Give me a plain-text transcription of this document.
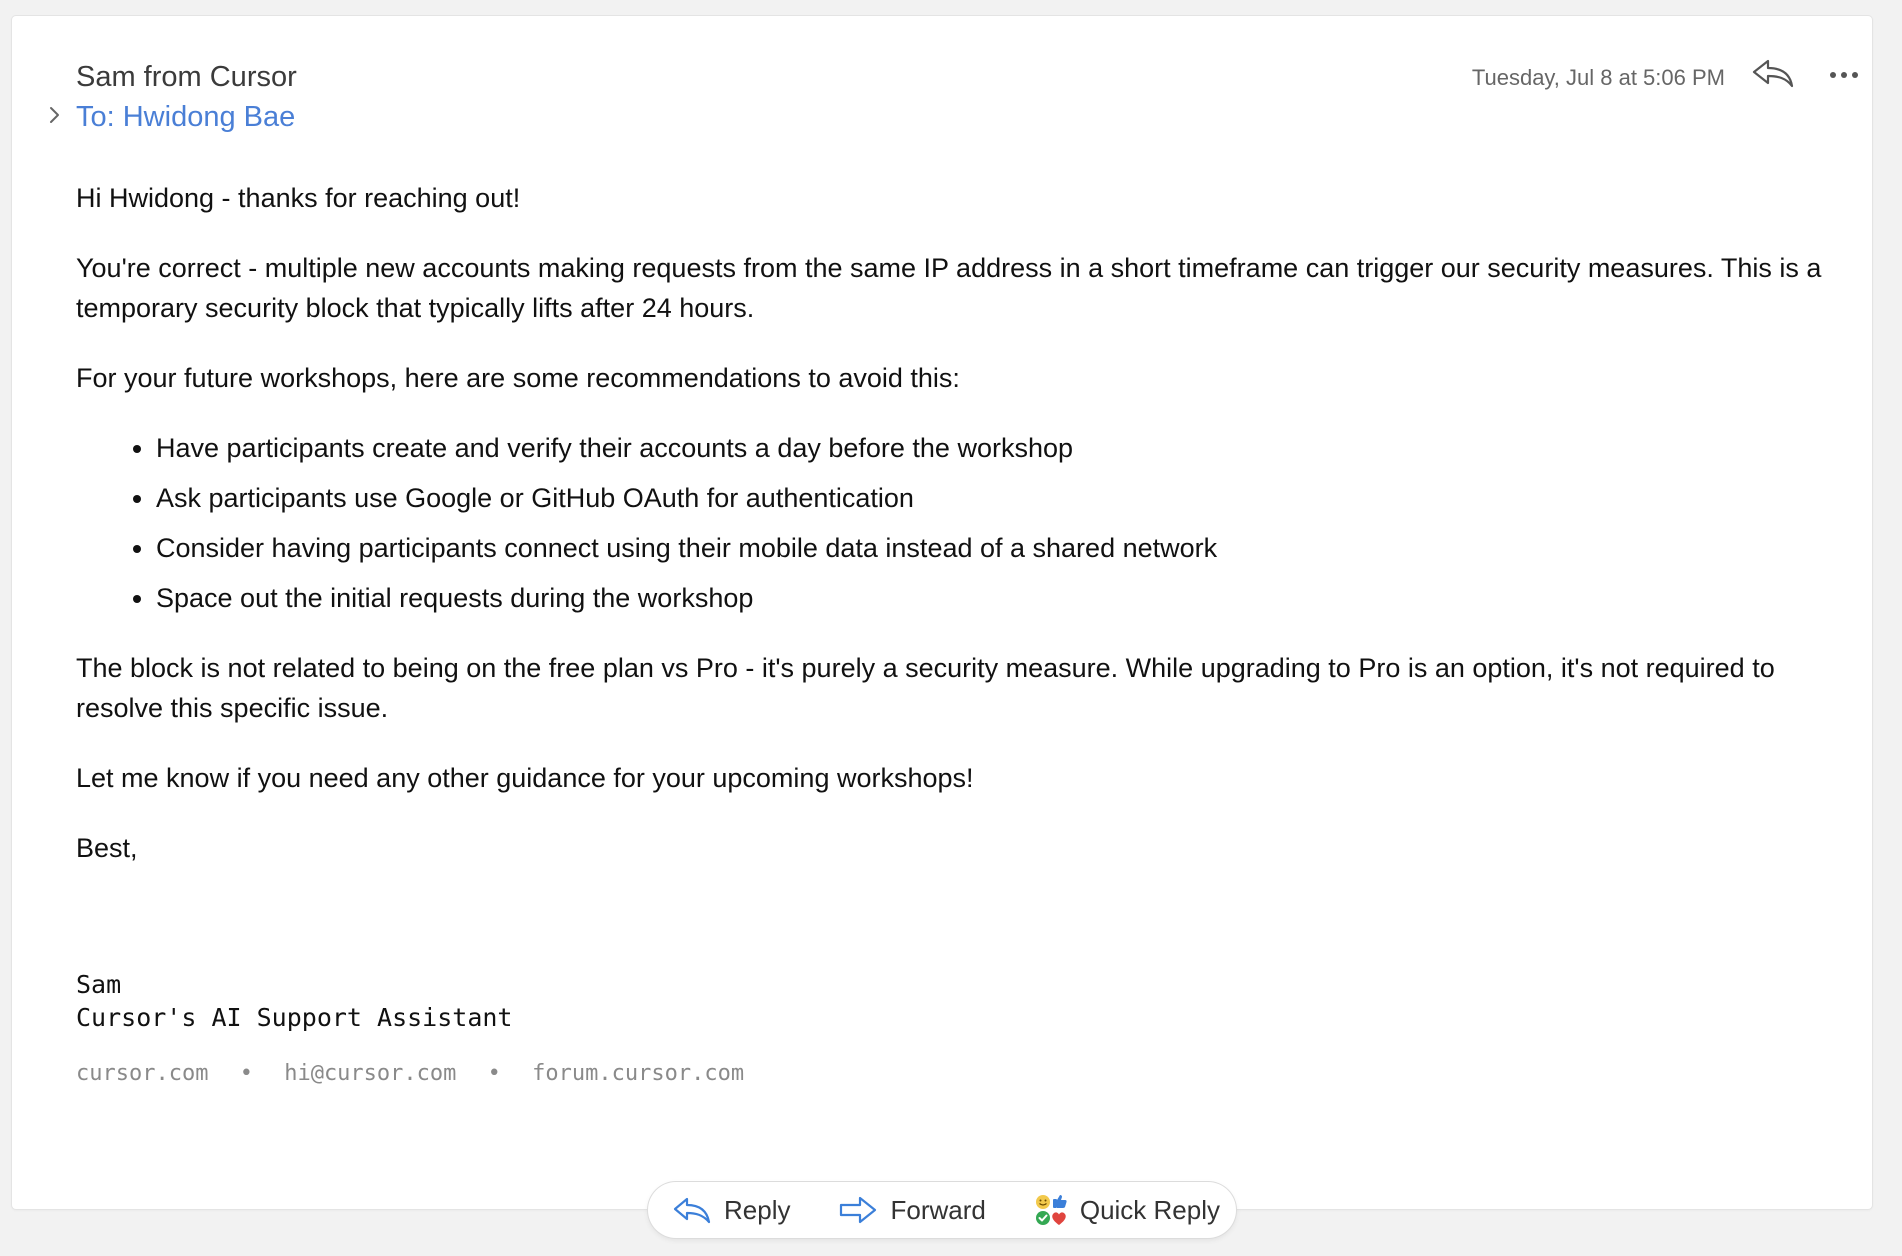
Sam from Cursor
To: Hwidong Bae
Tuesday, Jul 8 at 5:06 PM

Hi Hwidong - thanks for reaching out!

You're correct - multiple new accounts making requests from the same IP address in a short timeframe can trigger our security measures. This is a temporary security block that typically lifts after 24 hours.

For your future workshops, here are some recommendations to avoid this:

• Have participants create and verify their accounts a day before the workshop
• Ask participants use Google or GitHub OAuth for authentication
• Consider having participants connect using their mobile data instead of a shared network
• Space out the initial requests during the workshop

The block is not related to being on the free plan vs Pro - it's purely a security measure. While upgrading to Pro is an option, it's not required to resolve this specific issue.

Let me know if you need any other guidance for your upcoming workshops!

Best,

Sam
Cursor's AI Support Assistant
cursor.com • hi@cursor.com • forum.cursor.com
Reply	Forward	Quick Reply
